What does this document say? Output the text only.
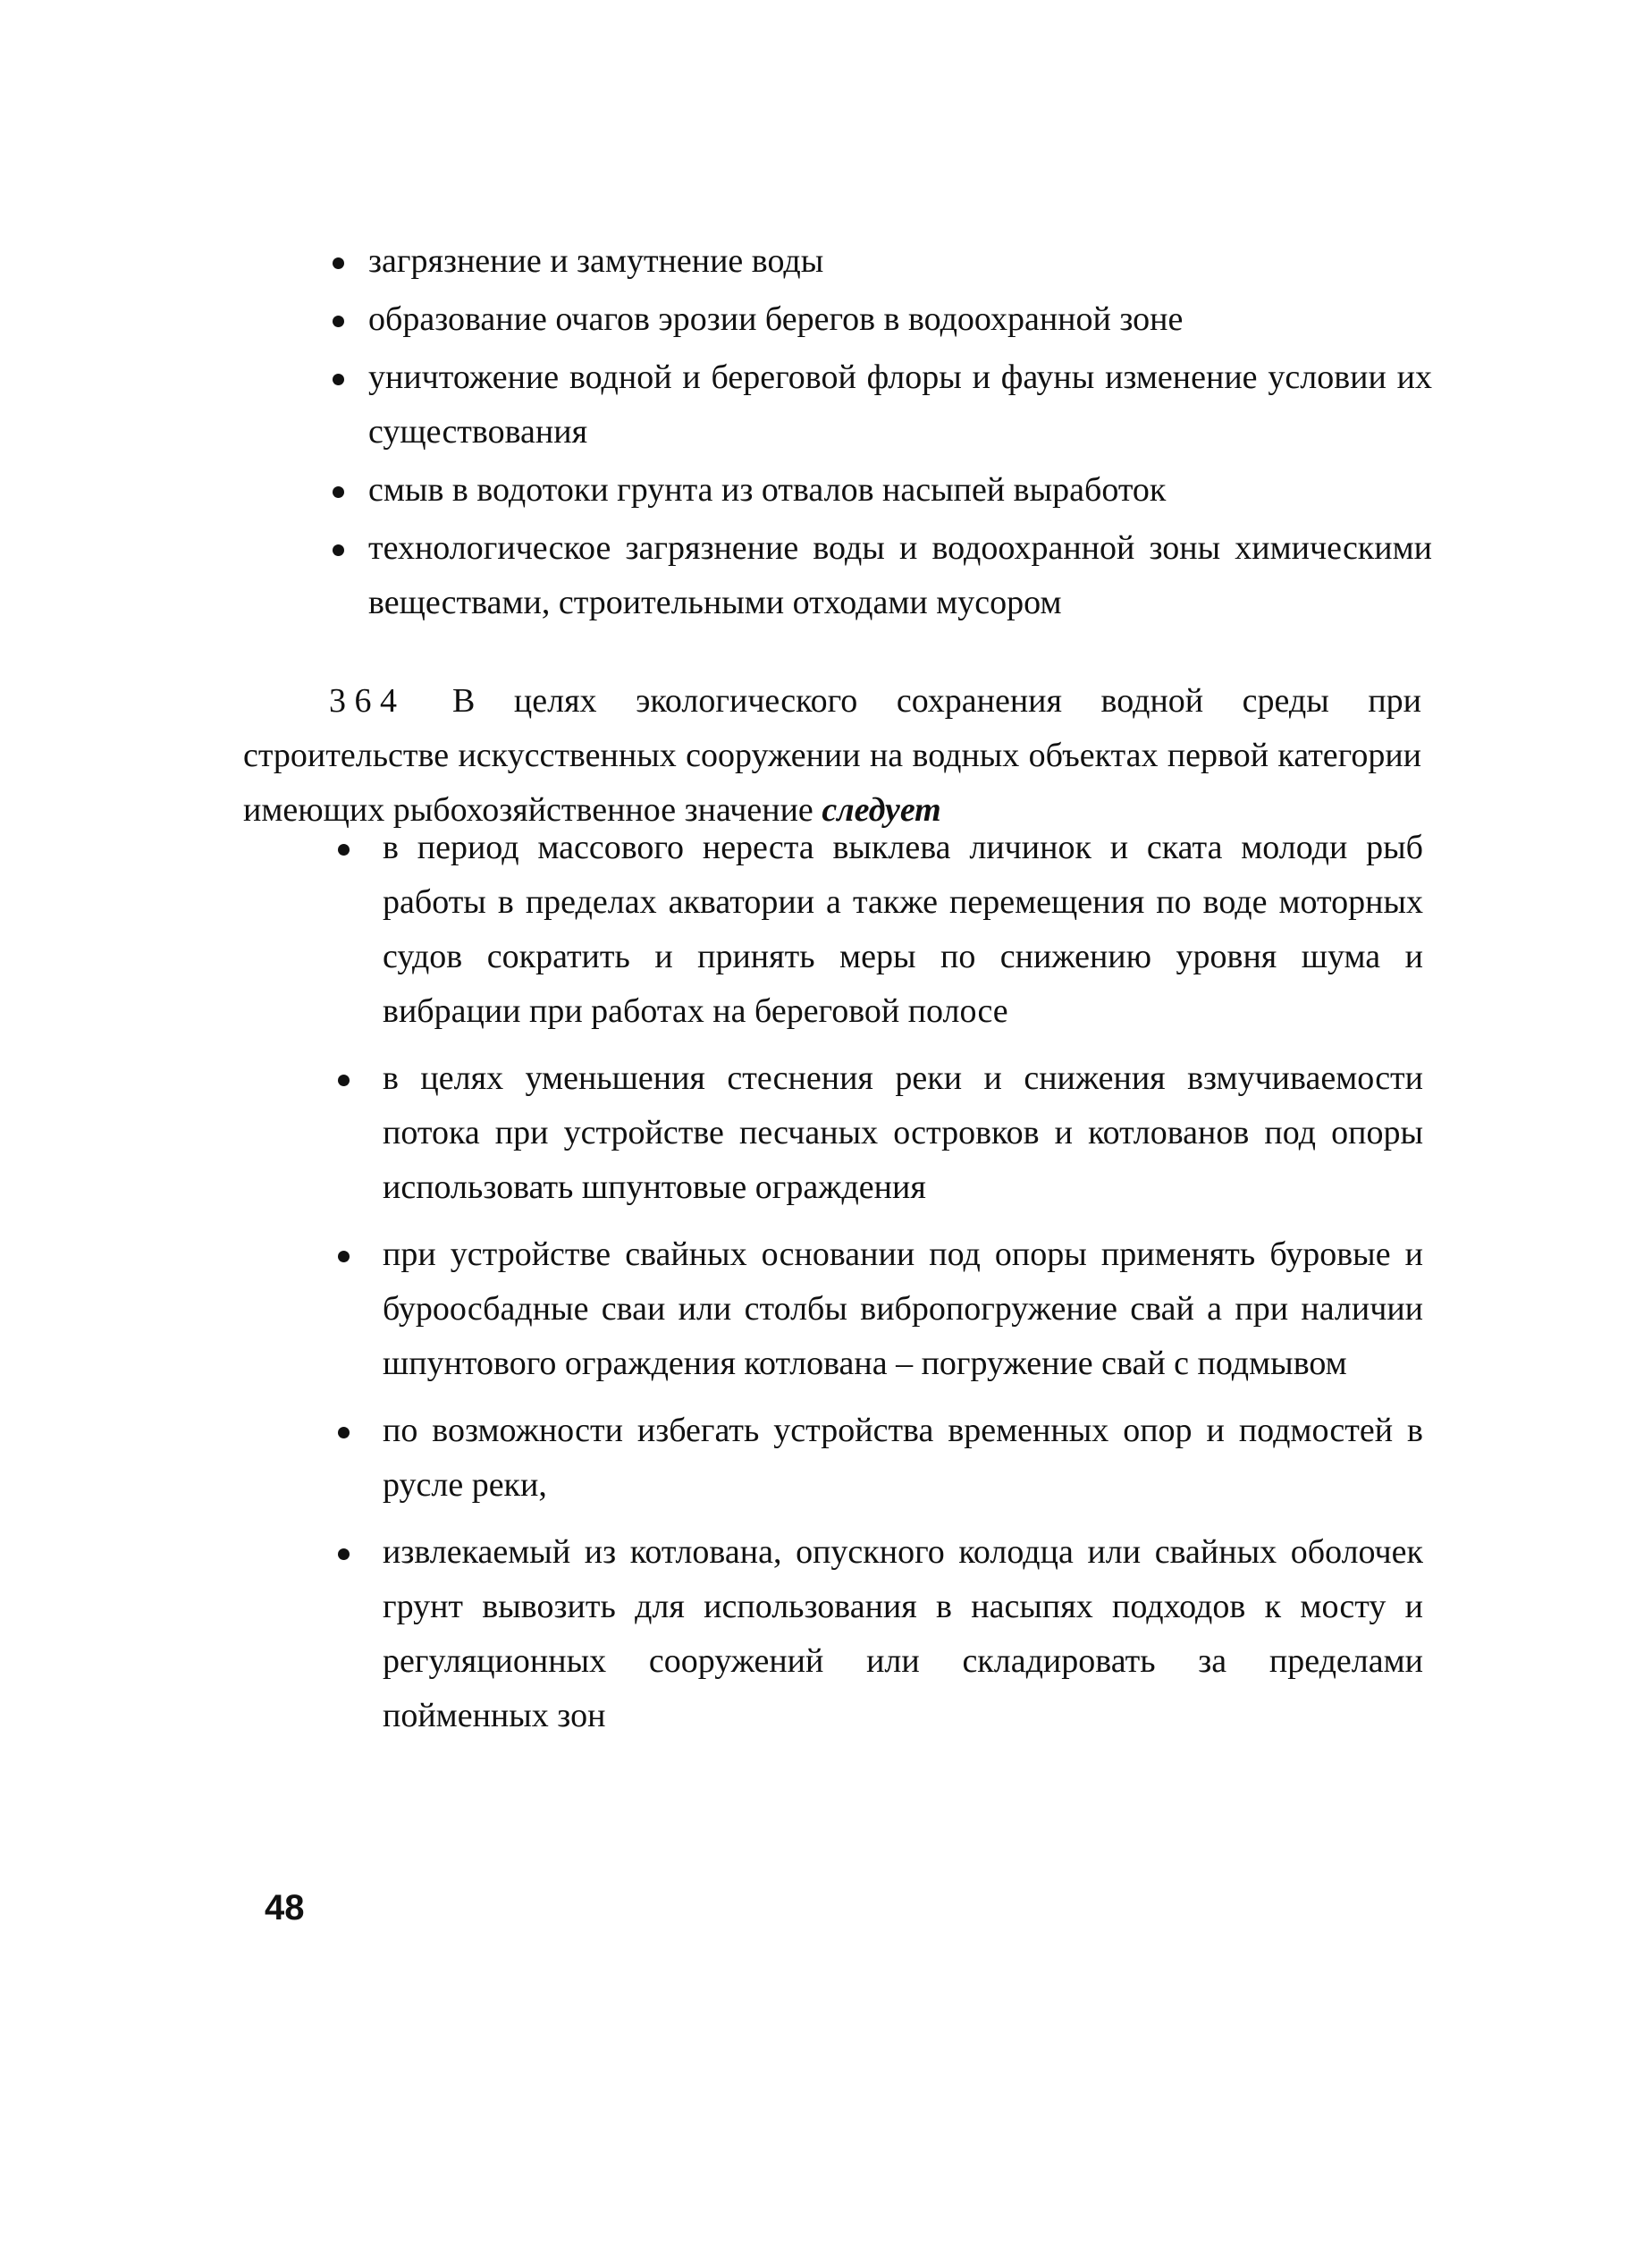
загрязнение и замутнение воды
образование очагов эрозии берегов в водоохранной зоне
уничтожение водной и береговой флоры и фауны изменение условии их существования
смыв в водотоки грунта из отвалов насыпей выработок
технологическое загрязнение воды и водоохранной зоны химическими веществами, строительными отходами мусором

3 6 4 В целях экологического сохранения водной среды при строительстве искусственных сооружении на водных объектах первой категории имеющих рыбохозяйственное значение следует

в период массового нереста выклева личинок и ската молоди рыб работы в пределах акватории а также перемещения по воде моторных судов сократить и принять меры по снижению уровня шума и вибрации при работах на береговой полосе
в целях уменьшения стеснения реки и снижения взмучиваемости потока при устройстве песчаных островков и котлованов под опоры использовать шпунтовые ограждения
при устройстве свайных основании под опоры применять буровые и буроосбадные сваи или столбы вибропогружение свай а при наличии шпунтового ограждения котлована – погружение свай с подмывом
по возможности избегать устройства временных опор и подмостей в русле реки,
извлекаемый из котлована, опускного колодца или свайных оболочек грунт вывозить для использования в насыпях подходов к мосту и регуляционных сооружений или складировать за пределами пойменных зон
48
